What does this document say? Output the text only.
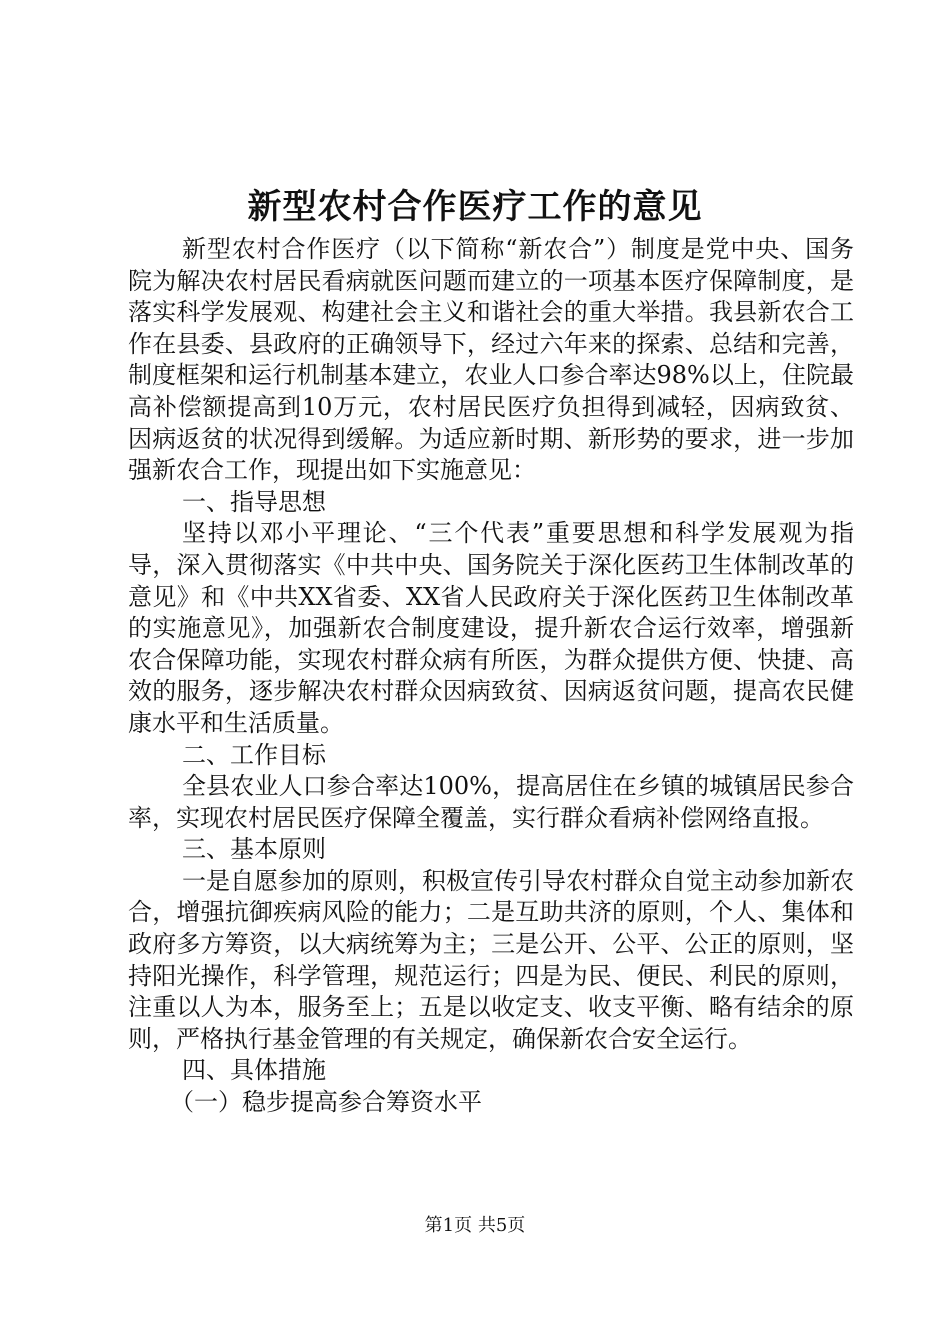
新型农村合作医疗工作的意见

新型农村合作医疗（以下简称“新农合”）制度是党中央、国务院为解决农村居民看病就医问题而建立的一项基本医疗保障制度，是落实科学发展观、构建社会主义和谐社会的重大举措。我县新农合工作在县委、县政府的正确领导下，经过六年来的探索、总结和完善，制度框架和运行机制基本建立，农业人口参合率达98%以上，住院最高补偿额提高到10万元，农村居民医疗负担得到减轻，因病致贫、因病返贫的状况得到缓解。为适应新时期、新形势的要求，进一步加强新农合工作，现提出如下实施意见：

一、指导思想

坚持以邓小平理论、“三个代表”重要思想和科学发展观为指导，深入贯彻落实《中共中央、国务院关于深化医药卫生体制改革的意见》和《中共XX省委、XX省人民政府关于深化医药卫生体制改革的实施意见》，加强新农合制度建设，提升新农合运行效率，增强新农合保障功能，实现农村群众病有所医，为群众提供方便、快捷、高效的服务，逐步解决农村群众因病致贫、因病返贫问题，提高农民健康水平和生活质量。

二、工作目标

全县农业人口参合率达100%，提高居住在乡镇的城镇居民参合率，实现农村居民医疗保障全覆盖，实行群众看病补偿网络直报。

三、基本原则

一是自愿参加的原则，积极宣传引导农村群众自觉主动参加新农合，增强抗御疾病风险的能力；二是互助共济的原则，个人、集体和政府多方筹资，以大病统筹为主；三是公开、公平、公正的原则，坚持阳光操作，科学管理，规范运行；四是为民、便民、利民的原则，注重以人为本，服务至上；五是以收定支、收支平衡、略有结余的原则，严格执行基金管理的有关规定，确保新农合安全运行。

四、具体措施

（一）稳步提高参合筹资水平

第1页 共5页
